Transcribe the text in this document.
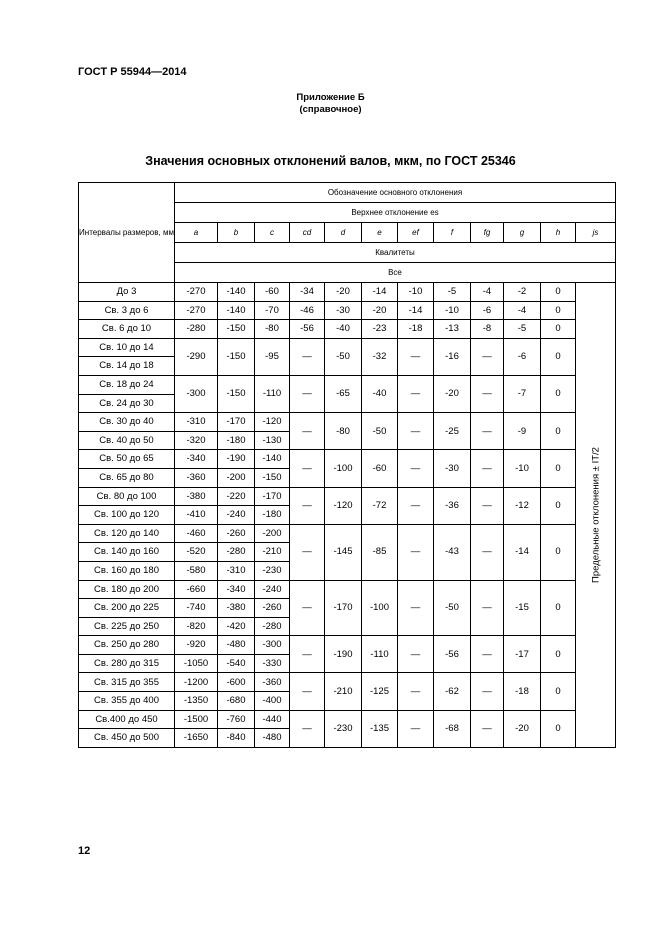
ГОСТ Р 55944—2014
Приложение Б
(справочное)
Значения основных отклонений валов, мкм, по ГОСТ 25346
Интервалы размеров, мм	Обозначение основного отклонения											
	Верхнее отклонение es											
	a	b	c	cd	d	e	ef	f	fg	g	h	js
	Квалитеты											
	Все											
До 3	-270	-140	-60	-34	-20	-14	-10	-5	-4	-2	0	Предельные отклонения ± IT/2

Св. 3 до 6	-270	-140	-70	-46	-30	-20	-14	-10	-6	-4	0	
Св. 6 до 10	-280	-150	-80	-56	-40	-23	-18	-13	-8	-5	0	
Св. 10 до 14	-290	-150	-95	—	-50	-32	—	-16	—	-6	0	
Св. 14 до 18												
Св. 18 до 24	-300	-150	-110	—	-65	-40	—	-20	—	-7	0	
Св. 24 до 30												
Св. 30 до 40	-310	-170	-120	—	-80	-50	—	-25	—	-9	0	
Св. 40 до 50	-320	-180	-130									
Св. 50 до 65	-340	-190	-140	—	-100	-60	—	-30	—	-10	0	
Св. 65 до 80	-360	-200	-150									
Св. 80 до 100	-380	-220	-170	—	-120	-72	—	-36	—	-12	0	
Св. 100 до 120	-410	-240	-180									
Св. 120 до 140	-460	-260	-200	—	-145	-85	—	-43	—	-14	0	
Св. 140 до 160	-520	-280	-210									
Св. 160 до 180	-580	-310	-230									
Св. 180 до 200	-660	-340	-240	—	-170	-100	—	-50	—	-15	0	
Св. 200 до 225	-740	-380	-260									
Св. 225 до 250	-820	-420	-280									
Св. 250 до 280	-920	-480	-300	—	-190	-110	—	-56	—	-17	0	
Св. 280 до 315	-1050	-540	-330									
Св. 315 до 355	-1200	-600	-360	—	-210	-125	—	-62	—	-18	0	
Св. 355 до 400	-1350	-680	-400									
Св.400 до 450	-1500	-760	-440	—	-230	-135	—	-68	—	-20	0	
Св. 450 до 500	-1650	-840	-480									
12
